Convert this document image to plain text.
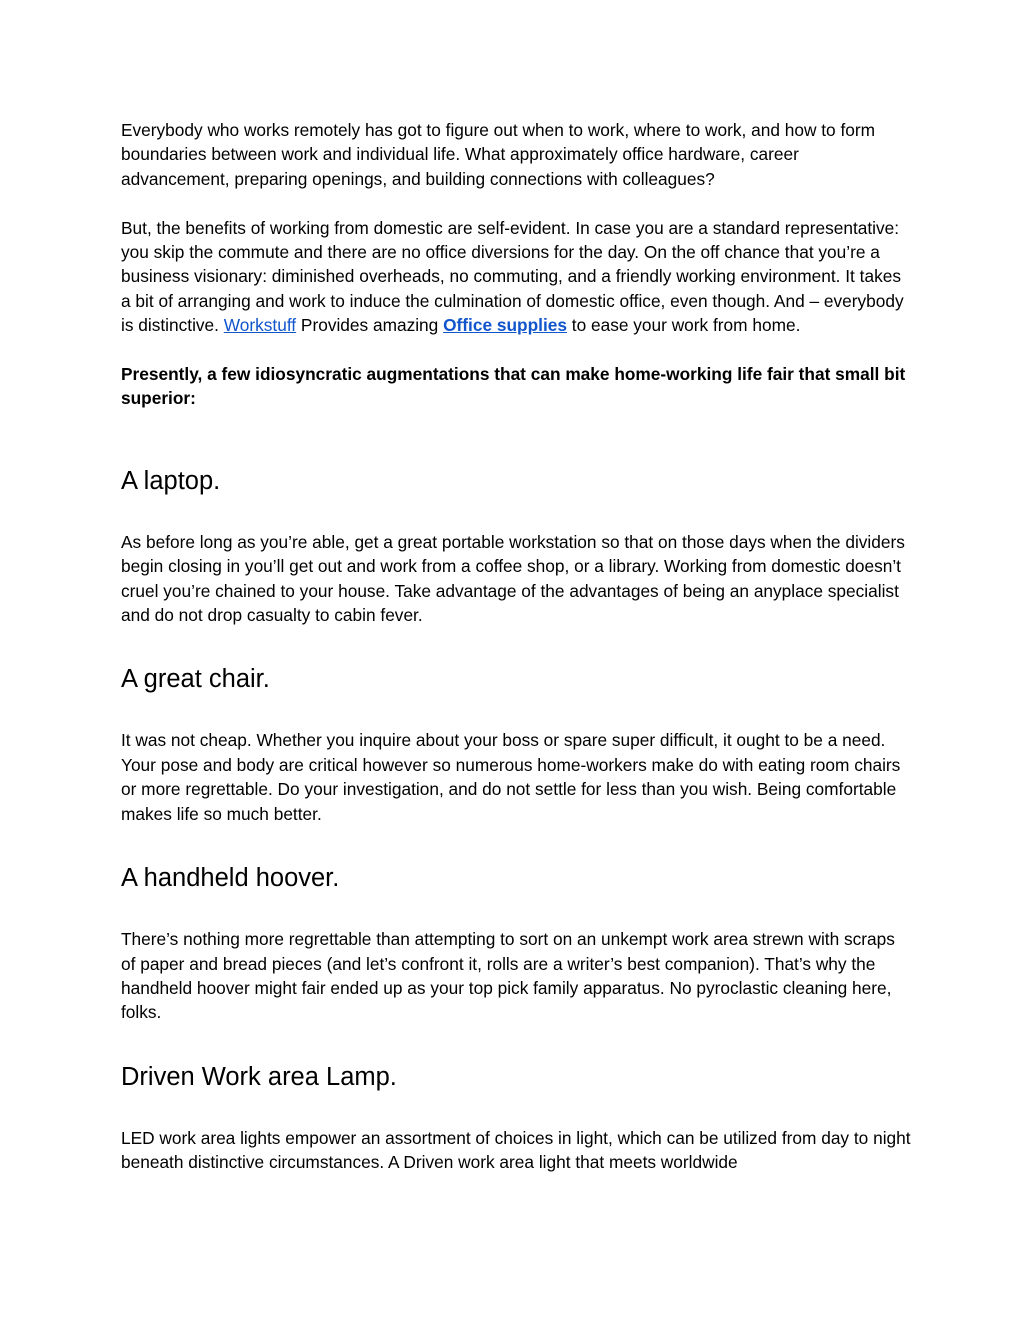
Everybody who works remotely has got to figure out when to work, where to work, and how to form boundaries between work and individual life. What approximately office hardware, career advancement, preparing openings, and building connections with colleagues?

But, the benefits of working from domestic are self-evident. In case you are a standard representative: you skip the commute and there are no office diversions for the day. On the off chance that you’re a business visionary: diminished overheads, no commuting, and a friendly working environment. It takes a bit of arranging and work to induce the culmination of domestic office, even though. And – everybody is distinctive. Workstuff Provides amazing Office supplies to ease your work from home.

Presently, a few idiosyncratic augmentations that can make home-working life fair that small bit superior:

A laptop.

As before long as you’re able, get a great portable workstation so that on those days when the dividers begin closing in you’ll get out and work from a coffee shop, or a library. Working from domestic doesn’t cruel you’re chained to your house. Take advantage of the advantages of being an anyplace specialist and do not drop casualty to cabin fever.

A great chair.

It was not cheap. Whether you inquire about your boss or spare super difficult, it ought to be a need. Your pose and body are critical however so numerous home-workers make do with eating room chairs or more regrettable. Do your investigation, and do not settle for less than you wish. Being comfortable makes life so much better.

A handheld hoover.

There’s nothing more regrettable than attempting to sort on an unkempt work area strewn with scraps of paper and bread pieces (and let’s confront it, rolls are a writer’s best companion). That’s why the handheld hoover might fair ended up as your top pick family apparatus. No pyroclastic cleaning here, folks.

Driven Work area Lamp.

LED work area lights empower an assortment of choices in light, which can be utilized from day to night beneath distinctive circumstances. A Driven work area light that meets worldwide
